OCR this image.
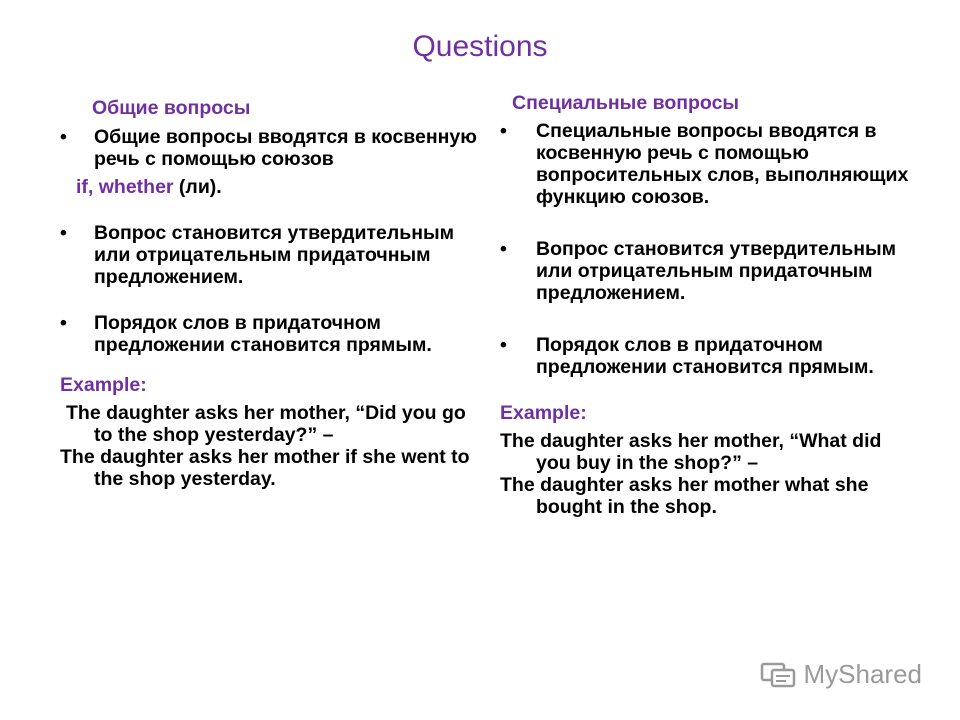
Questions
Общие вопросы
• Общие вопросы вводятся в косвенную речь с помощью союзов
if, whether (ли).
• Вопрос становится утвердительным или отрицательным придаточным предложением.
• Порядок слов в придаточном предложении становится прямым.
Example:
The daughter asks her mother, “Did you go to the shop yesterday?” –
The daughter asks her mother if she went to the shop yesterday.
Специальные вопросы
• Специальные вопросы вводятся в косвенную речь с помощью вопросительных слов, выполняющих функцию союзов.
• Вопрос становится утвердительным или отрицательным придаточным предложением.
• Порядок слов в придаточном предложении становится прямым.
Example:
The daughter asks her mother, “What did you buy in the shop?” –
The daughter asks her mother what she bought in the shop.
MyShared
